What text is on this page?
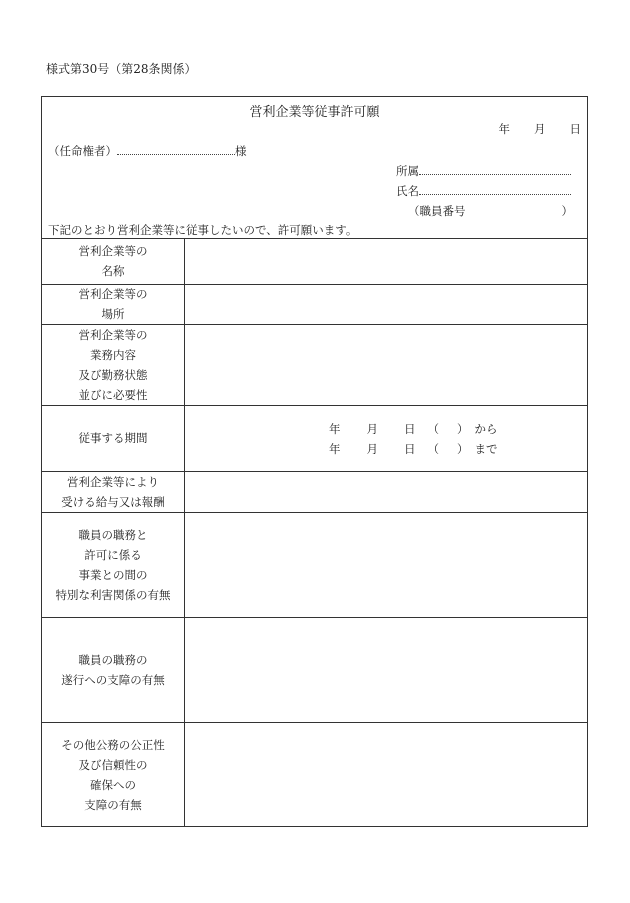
様式第30号（第28条関係）
営利企業等従事許可願
年 月 日
（任命権者）	様
所属
氏名
（職員番号	）
下記のとおり営利企業等に従事したいので、許可願います。
営利企業等の
名称
営利企業等の
場所
営利企業等の
業務内容
及び勤務状態
並びに必要性
従事する期間
営利企業等により
受ける給与又は報酬
職員の職務と
許可に係る
事業との間の
特別な利害関係の有無
職員の職務の
遂行への支障の有無
その他公務の公正性
及び信頼性の
確保への
支障の有無
年 月 日 （ ） から
年 月 日 （ ） まで
